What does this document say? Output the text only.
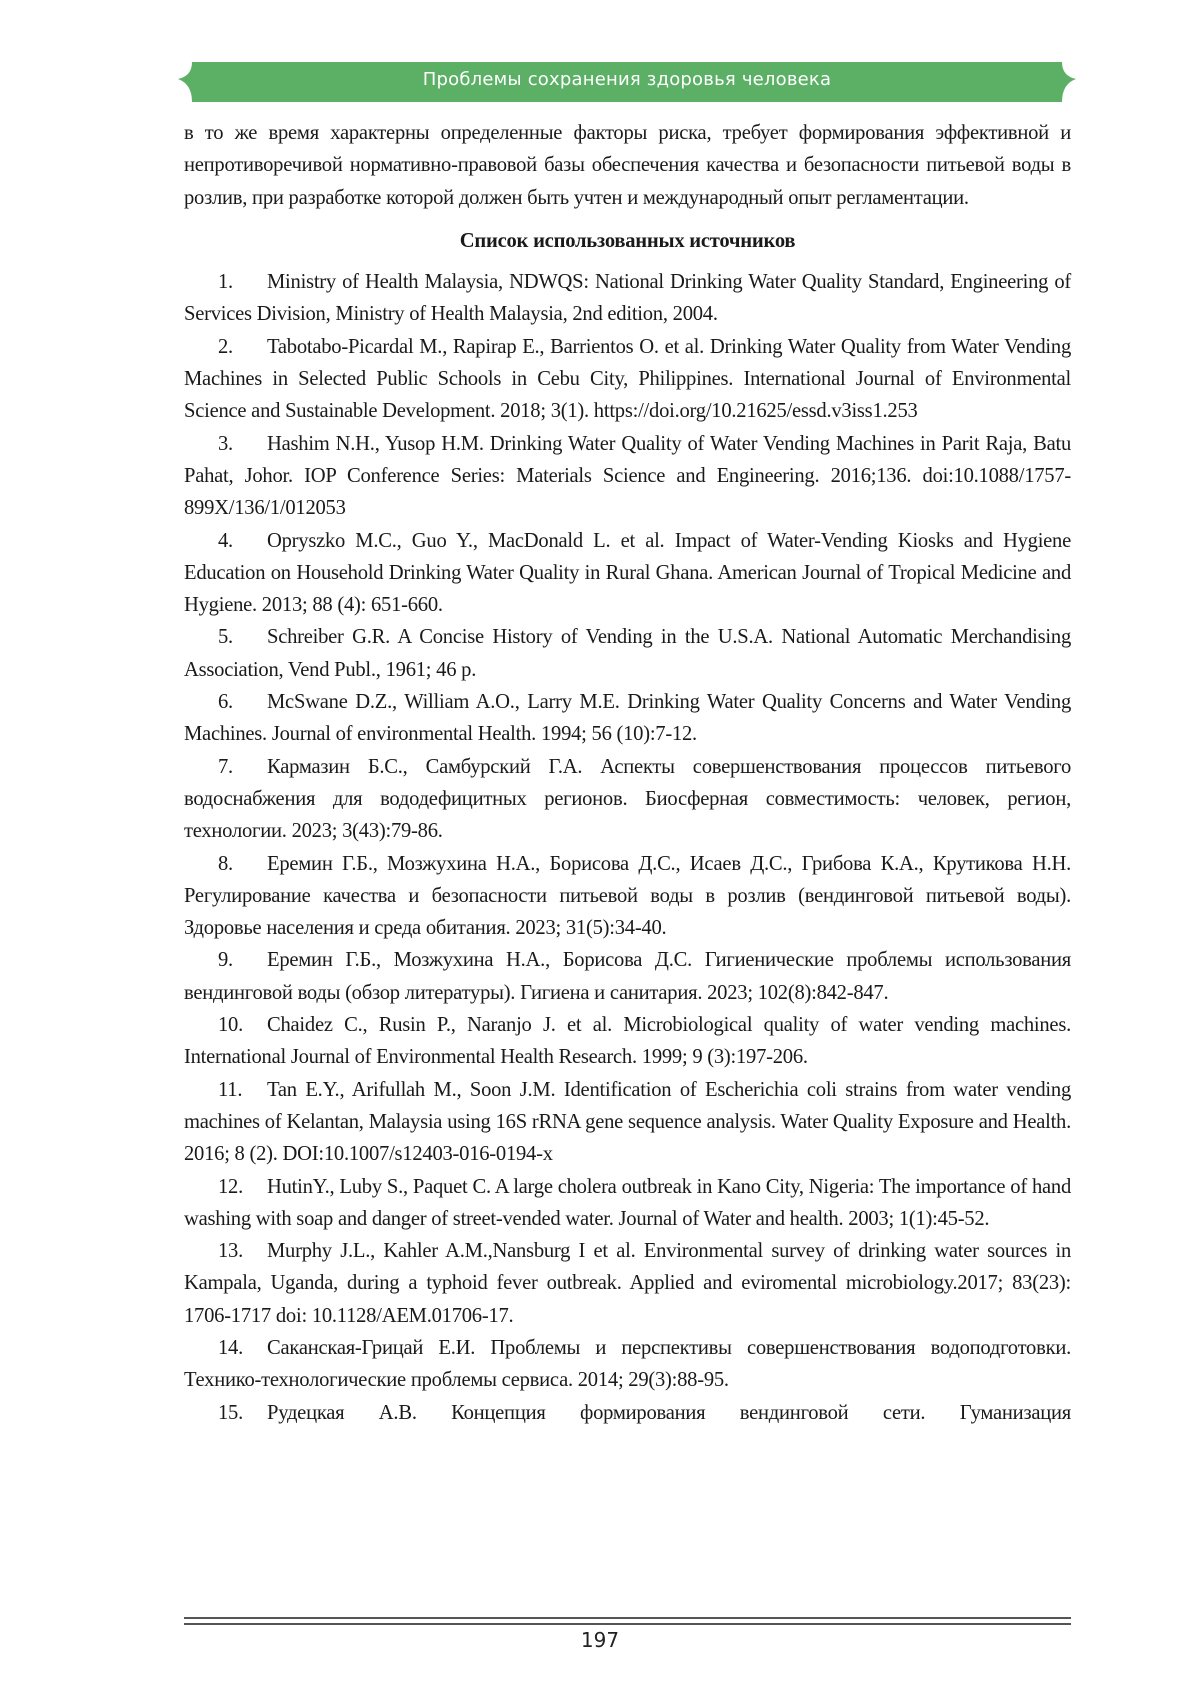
Проблемы сохранения здоровья человека

в то же время характерны определенные факторы риска, требует формирования эффективной и непротиворечивой нормативно-правовой базы обеспечения качества и безопасности питьевой воды в розлив, при разработке которой должен быть учтен и международный опыт регламентации.

Список использованных источников

1. Ministry of Health Malaysia, NDWQS: National Drinking Water Quality Standard, Engineering of Services Division, Ministry of Health Malaysia, 2nd edition, 2004.

2. Tabotabo-Picardal M., Rapirap E., Barrientos O. et al. Drinking Water Quality from Water Vending Machines in Selected Public Schools in Cebu City, Philippines. International Journal of Environmental Science and Sustainable Development. 2018; 3(1). https://doi.org/10.21625/essd.v3iss1.253

3. Hashim N.H., Yusop H.M. Drinking Water Quality of Water Vending Machines in Parit Raja, Batu Pahat, Johor. IOP Conference Series: Materials Science and Engineering. 2016;136. doi:10.1088/1757-899X/136/1/012053

4. Opryszko M.C., Guo Y., MacDonald L. et al. Impact of Water-Vending Kiosks and Hygiene Education on Household Drinking Water Quality in Rural Ghana. American Journal of Tropical Medicine and Hygiene. 2013; 88 (4): 651-660.

5. Schreiber G.R. A Concise History of Vending in the U.S.A. National Automatic Merchandising Association, Vend Publ., 1961; 46 p.

6. McSwane D.Z., William A.O., Larry M.E. Drinking Water Quality Concerns and Water Vending Machines. Journal of environmental Health. 1994; 56 (10):7-12.

7. Кармазин Б.С., Самбурский Г.А. Аспекты совершенствования процессов питьевого водоснабжения для вододефицитных регионов. Биосферная совместимость: человек, регион, технологии. 2023; 3(43):79-86.

8. Еремин Г.Б., Мозжухина Н.А., Борисова Д.С., Исаев Д.С., Грибова К.А., Крутикова Н.Н. Регулирование качества и безопасности питьевой воды в розлив (вендинговой питьевой воды). Здоровье населения и среда обитания. 2023; 31(5):34-40.

9. Еремин Г.Б., Мозжухина Н.А., Борисова Д.С. Гигиенические проблемы использования вендинговой воды (обзор литературы). Гигиена и санитария. 2023; 102(8):842-847.

10. Chaidez C., Rusin P., Naranjo J. et al. Microbiological quality of water vending machines. International Journal of Environmental Health Research. 1999; 9 (3):197-206.

11. Tan E.Y., Arifullah M., Soon J.M. Identification of Escherichia coli strains from water vending machines of Kelantan, Malaysia using 16S rRNA gene sequence analysis. Water Quality Exposure and Health. 2016; 8 (2). DOI:10.1007/s12403-016-0194-x

12. HutinY., Luby S., Paquet C. A large cholera outbreak in Kano City, Nigeria: The importance of hand washing with soap and danger of street-vended water. Journal of Water and health. 2003; 1(1):45-52.

13. Murphy J.L., Kahler A.M.,Nansburg I et al. Environmental survey of drinking water sources in Kampala, Uganda, during a typhoid fever outbreak. Applied and eviromental microbiology.2017; 83(23): 1706-1717 doi: 10.1128/AEM.01706-17.

14. Саканская-Грицай Е.И. Проблемы и перспективы совершенствования водоподготовки. Технико-технологические проблемы сервиса. 2014; 29(3):88-95.

15. Рудецкая А.В. Концепция формирования вендинговой сети. Гуманизация

197
